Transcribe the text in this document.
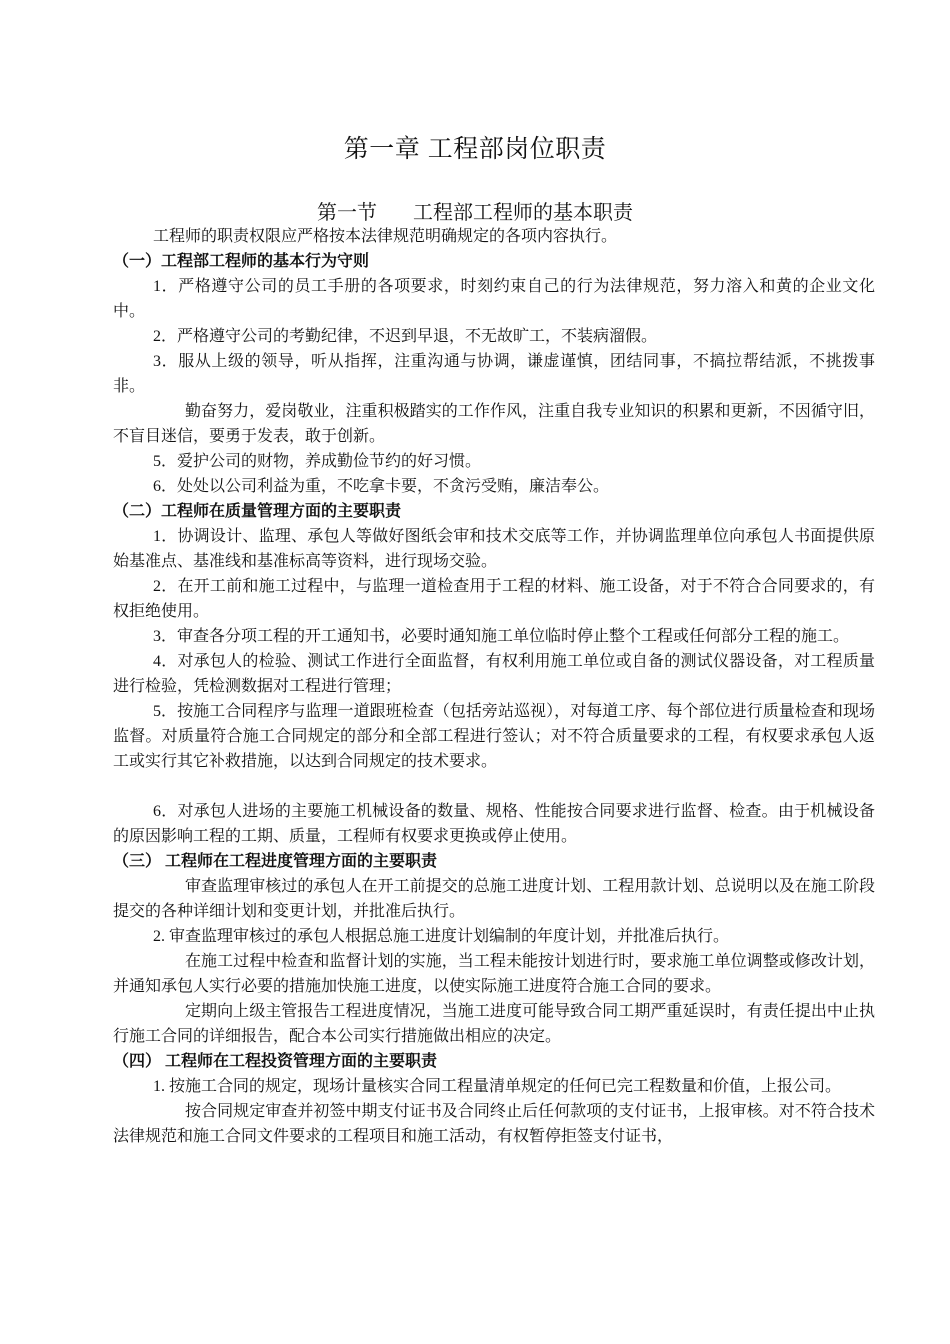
第一章 工程部岗位职责
第一节 工程部工程师的基本职责

工程师的职责权限应严格按本法律规范明确规定的各项内容执行。

（一）工程部工程师的基本行为守则

1．严格遵守公司的员工手册的各项要求，时刻约束自己的行为法律规范，努力溶入和黄的企业文化中。

2．严格遵守公司的考勤纪律，不迟到早退，不无故旷工，不装病溜假。

3．服从上级的领导，听从指挥，注重沟通与协调，谦虚谨慎，团结同事，不搞拉帮结派，不挑拨事非。

勤奋努力，爱岗敬业，注重积极踏实的工作作风，注重自我专业知识的积累和更新，不因循守旧，不盲目迷信，要勇于发表，敢于创新。

5．爱护公司的财物，养成勤俭节约的好习惯。

6．处处以公司利益为重，不吃拿卡要，不贪污受贿，廉洁奉公。

（二）工程师在质量管理方面的主要职责

1．协调设计、监理、承包人等做好图纸会审和技术交底等工作，并协调监理单位向承包人书面提供原始基准点、基准线和基准标高等资料，进行现场交验。

2．在开工前和施工过程中，与监理一道检查用于工程的材料、施工设备，对于不符合合同要求的，有权拒绝使用。

3．审查各分项工程的开工通知书，必要时通知施工单位临时停止整个工程或任何部分工程的施工。

4．对承包人的检验、测试工作进行全面监督，有权利用施工单位或自备的测试仪器设备，对工程质量进行检验，凭检测数据对工程进行管理；

5．按施工合同程序与监理一道跟班检查（包括旁站巡视），对每道工序、每个部位进行质量检查和现场监督。对质量符合施工合同规定的部分和全部工程进行签认；对不符合质量要求的工程，有权要求承包人返工或实行其它补救措施，以达到合同规定的技术要求。

6．对承包人进场的主要施工机械设备的数量、规格、性能按合同要求进行监督、检查。由于机械设备的原因影响工程的工期、质量，工程师有权要求更换或停止使用。

（三） 工程师在工程进度管理方面的主要职责

审查监理审核过的承包人在开工前提交的总施工进度计划、工程用款计划、总说明以及在施工阶段提交的各种详细计划和变更计划，并批准后执行。

2. 审查监理审核过的承包人根据总施工进度计划编制的年度计划，并批准后执行。

在施工过程中检查和监督计划的实施，当工程未能按计划进行时，要求施工单位调整或修改计划，并通知承包人实行必要的措施加快施工进度，以使实际施工进度符合施工合同的要求。

定期向上级主管报告工程进度情况，当施工进度可能导致合同工期严重延误时，有责任提出中止执行施工合同的详细报告，配合本公司实行措施做出相应的决定。

（四） 工程师在工程投资管理方面的主要职责

1. 按施工合同的规定，现场计量核实合同工程量清单规定的任何已完工程数量和价值，上报公司。

按合同规定审查并初签中期支付证书及合同终止后任何款项的支付证书，上报审核。对不符合技术法律规范和施工合同文件要求的工程项目和施工活动，有权暂停拒签支付证书，
